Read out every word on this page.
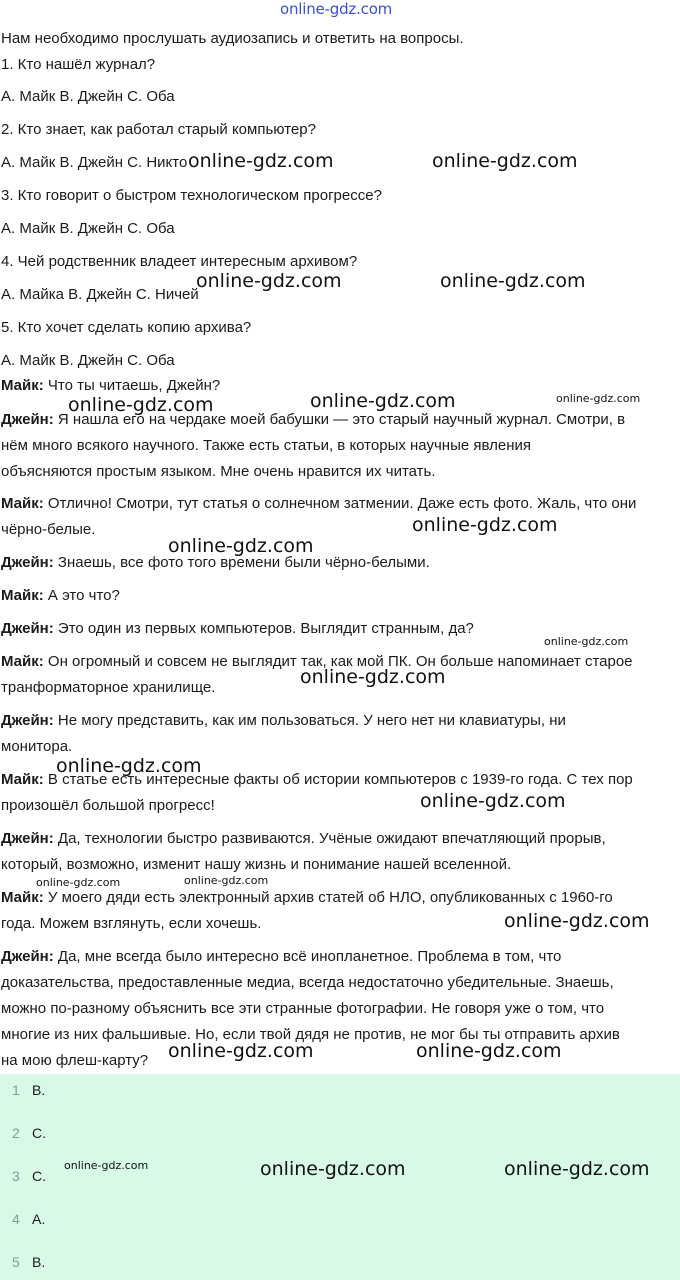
Нам необходимо прослушать аудиозапись и ответить на вопросы.
1. Кто нашёл журнал?
A. Майк B. Джейн C. Оба
2. Кто знает, как работал старый компьютер?
A. Майк B. Джейн C. Никто
3. Кто говорит о быстром технологическом прогрессе?
A. Майк B. Джейн C. Оба
4. Чей родственник владеет интересным архивом?
A. Майка B. Джейн C. Ничей
5. Кто хочет сделать копию архива?
A. Майк B. Джейн C. Оба
Майк: Что ты читаешь, Джейн?
Джейн: Я нашла его на чердаке моей бабушки — это старый научный журнал. Смотри, в
нём много всякого научного. Также есть статьи, в которых научные явления
объясняются простым языком. Мне очень нравится их читать.
Майк: Отлично! Смотри, тут статья о солнечном затмении. Даже есть фото. Жаль, что они
чёрно-белые.
Джейн: Знаешь, все фото того времени были чёрно-белыми.
Майк: А это что?
Джейн: Это один из первых компьютеров. Выглядит странным, да?
Майк: Он огромный и совсем не выглядит так, как мой ПК. Он больше напоминает старое
транформаторное хранилище.
Джейн: Не могу представить, как им пользоваться. У него нет ни клавиатуры, ни
монитора.
Майк: В статье есть интересные факты об истории компьютеров с 1939-го года. С тех пор
произошёл большой прогресс!
Джейн: Да, технологии быстро развиваются. Учёные ожидают впечатляющий прорыв,
который, возможно, изменит нашу жизнь и понимание нашей вселенной.
Майк: У моего дяди есть электронный архив статей об НЛО, опубликованных с 1960-го
года. Можем взглянуть, если хочешь.
Джейн: Да, мне всегда было интересно всё инопланетное. Проблема в том, что
доказательства, предоставленные медиа, всегда недостаточно убедительные. Знаешь,
можно по-разному объяснить все эти странные фотографии. Не говоря уже о том, что
многие из них фальшивые. Но, если твой дядя не против, не мог бы ты отправить архив
на мою флеш-карту?
1 B.
2 C.
3 C.
4 A.
5 B.
online-gdz.com
online-gdz.com	online-gdz.com
online-gdz.com	online-gdz.com
online-gdz.com
online-gdz.com	online-gdz.com
online-gdz.com
online-gdz.com
online-gdz.com
online-gdz.com
online-gdz.com
online-gdz.com
online-gdz.com	online-gdz.com
online-gdz.com
online-gdz.com	online-gdz.com
online-gdz.com	online-gdz.com	online-gdz.com
